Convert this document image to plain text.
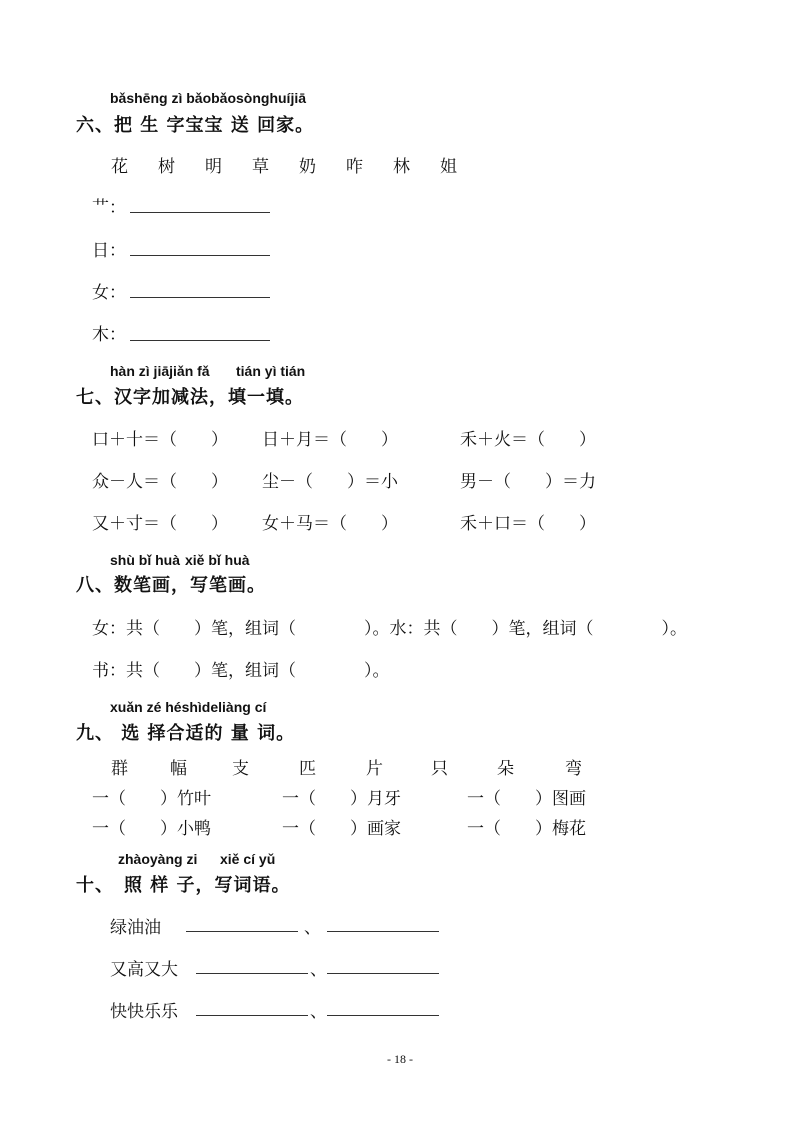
bǎshēng zì bǎobǎosònghuíjiā
六、把 生 字宝宝 送 回家。
花 树 明 草 奶 咋 林 姐
艹：
日：
女：
木：
hàn zì jiājiǎn fǎ tián yì tián
七、汉字加减法，填一填。
口＋十＝（　　） 日＋月＝（　　）	禾＋火＝（　　）
众－人＝（　　） 尘－（　　）＝小	男－（　　）＝力
又＋寸＝（　　） 女＋马＝（　　）	禾＋口＝（　　）
shù bǐ huà xiě bǐ huà
八、数笔画，写笔画。
女：共（　　）笔，组词（　　　　）。水：共（　　）笔，组词（　　　　）。
书：共（　　）笔，组词（　　　　）。
xuǎn zé héshìdeliàng cí
九、 选 择合适的 量 词。
群 幅	支	匹	片	只	朵	弯
一（　　）竹叶	一（　　）月牙	一（　　）图画
一（　　）小鸭	一（　　）画家	一（　　）梅花
zhàoyàng zi xiě cí yǔ
十、　照 样 子，写词语。
绿油油	、
又高又大	、
快快乐乐	、
- 18 -
